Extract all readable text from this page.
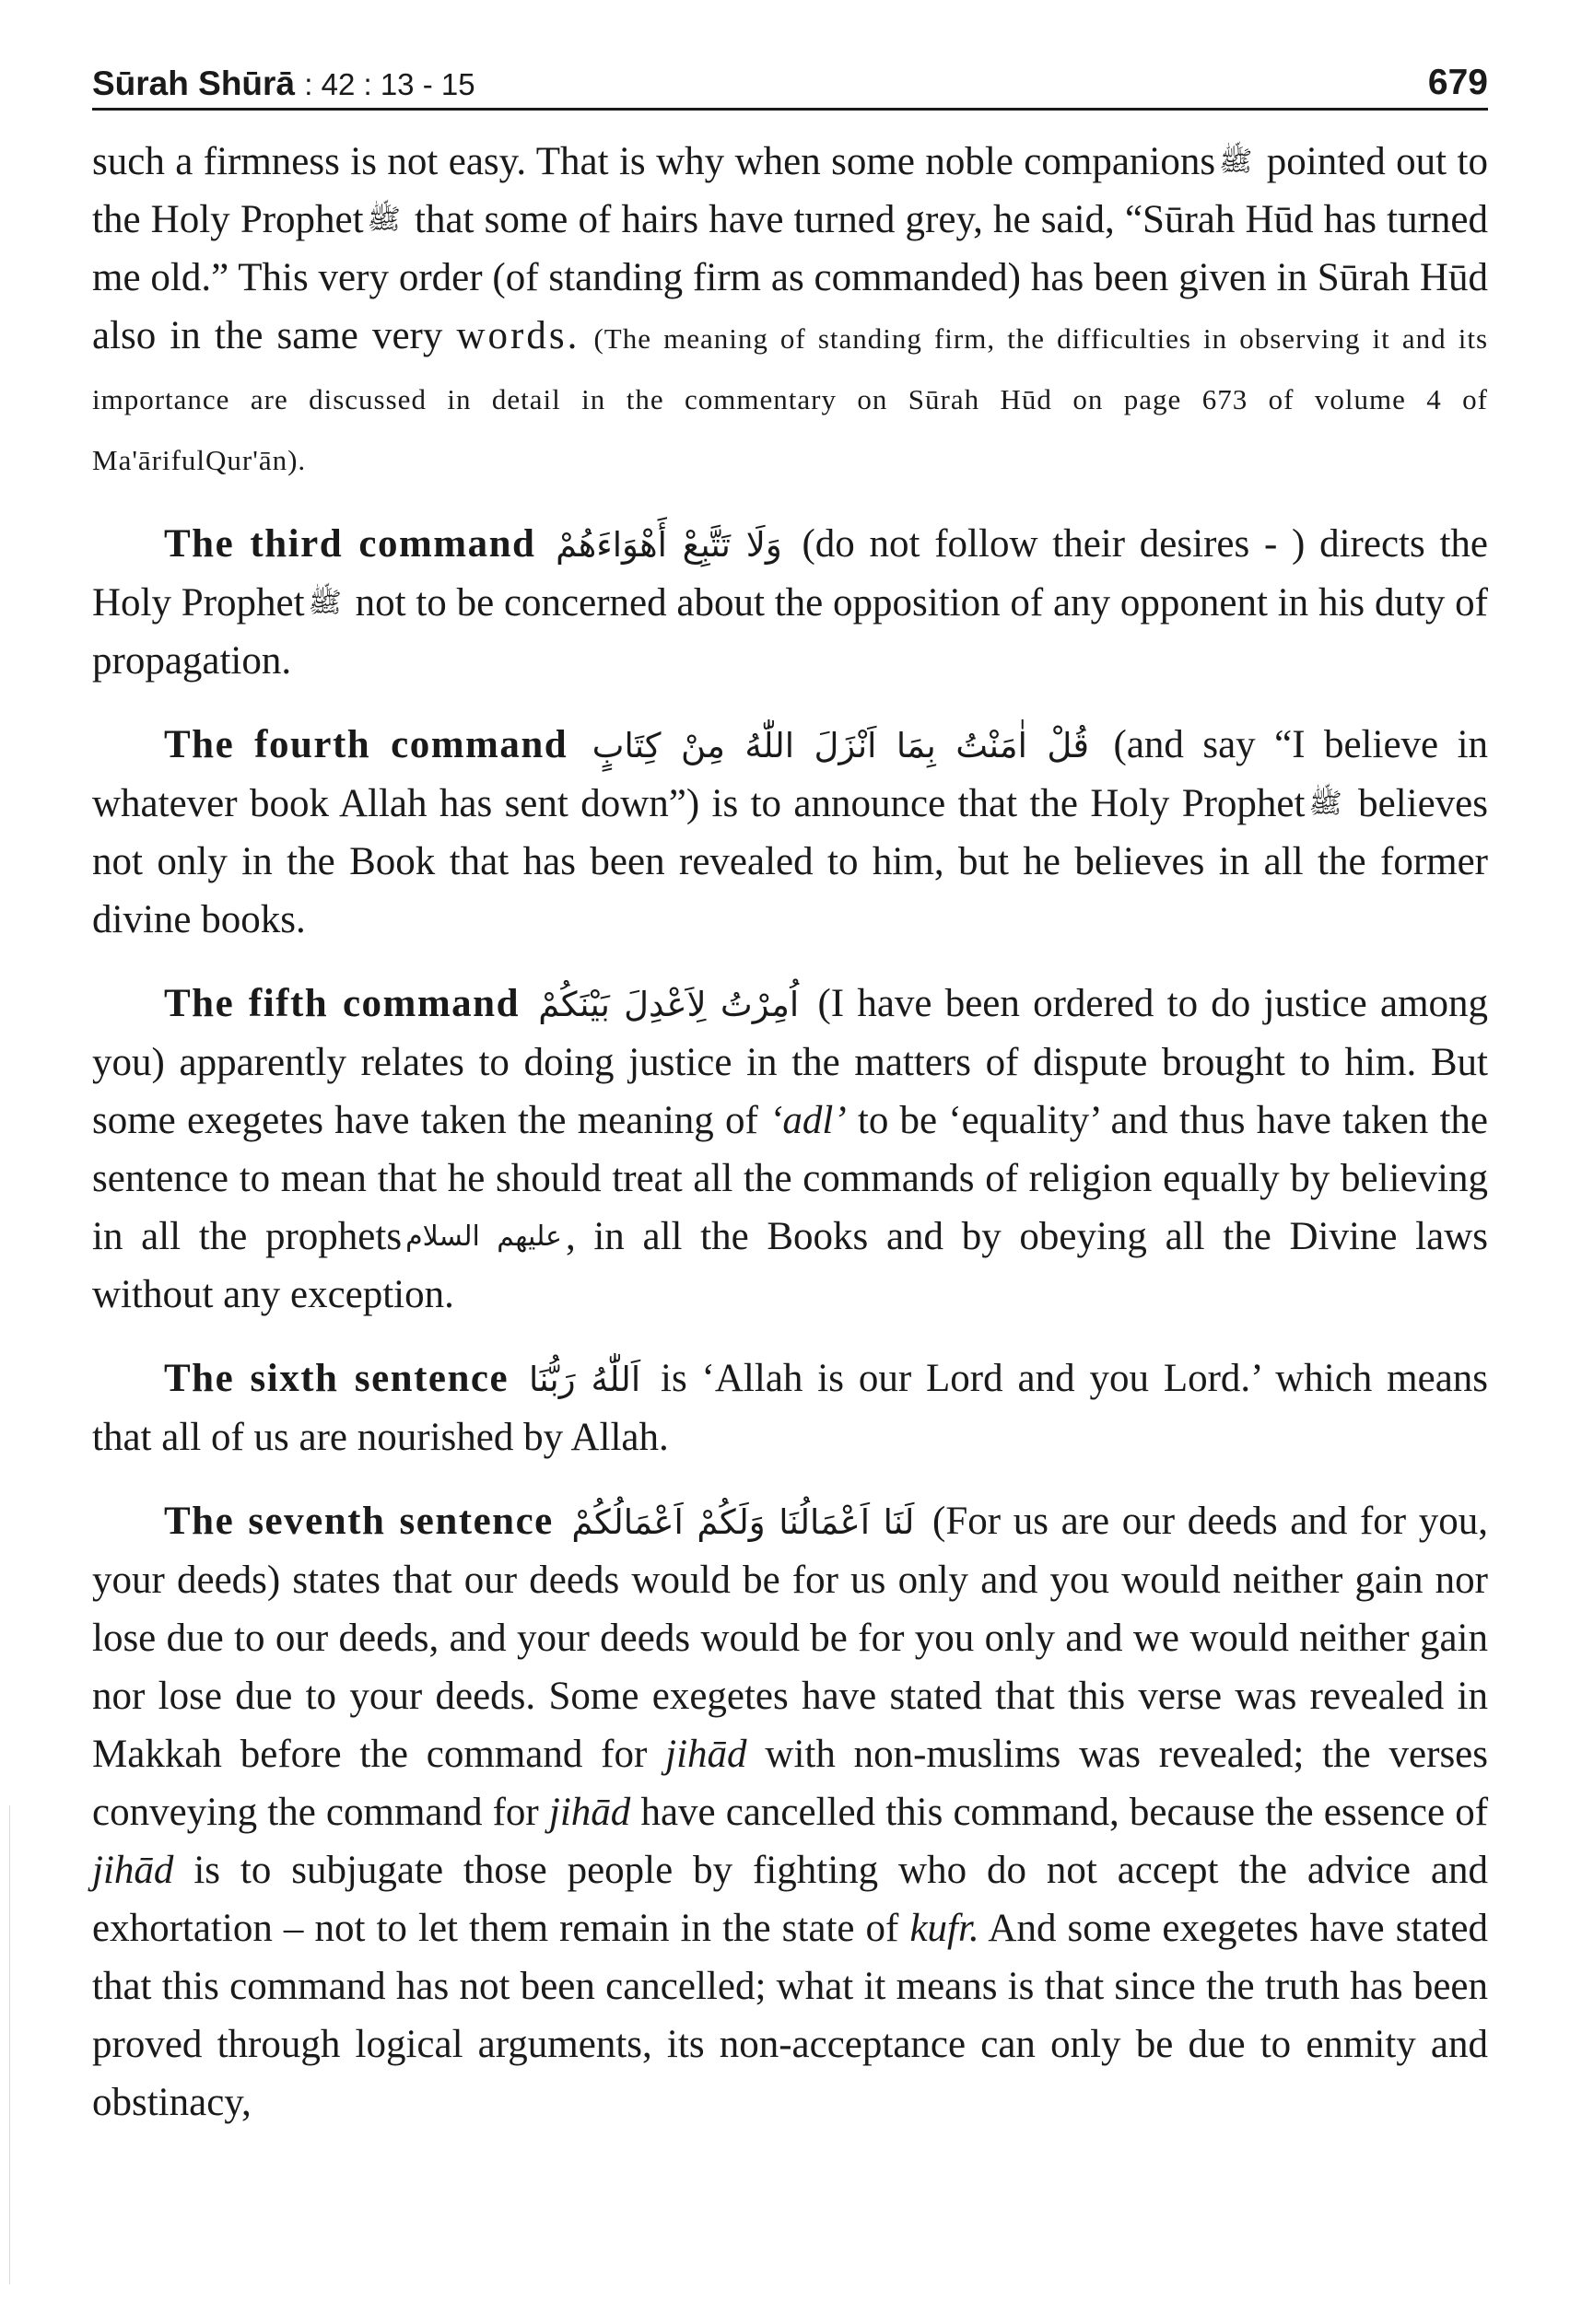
Sūrah Shūrā : 42 : 13 - 15	679

such a firmness is not easy. That is why when some noble companions ﷺ pointed out to the Holy Prophet ﷺ that some of hairs have turned grey, he said, “Sūrah Hūd has turned me old.” This very order (of standing firm as commanded) has been given in Sūrah Hūd also in the same very words. (The meaning of standing firm, the difficulties in observing it and its importance are discussed in detail in the commentary on Sūrah Hūd on page 673 of volume 4 of Ma'ārifulQur'ān).

The third command وَلَا تَتَّبِعْ أَهْوَاءَهُمْ (do not follow their desires - ) directs the Holy Prophet ﷺ not to be concerned about the opposition of any opponent in his duty of propagation.

The fourth command قُلْ اٰمَنْتُ بِمَا اَنْزَلَ اللّٰهُ مِنْ كِتَابٍ (and say “I believe in whatever book Allah has sent down”) is to announce that the Holy Prophet ﷺ believes not only in the Book that has been revealed to him, but he believes in all the former divine books.

The fifth command اُمِرْتُ لِاَعْدِلَ بَيْنَكُمْ (I have been ordered to do justice among you) apparently relates to doing justice in the matters of dispute brought to him. But some exegetes have taken the meaning of ‘adl’ to be ‘equality’ and thus have taken the sentence to mean that he should treat all the commands of religion equally by believing in all the prophets عليهم السلام, in all the Books and by obeying all the Divine laws without any exception.

The sixth sentence اَللّٰهُ رَبُّنَا is ‘Allah is our Lord and you Lord.’ which means that all of us are nourished by Allah.

The seventh sentence لَنَا اَعْمَالُنَا وَلَكُمْ اَعْمَالُكُمْ (For us are our deeds and for you, your deeds) states that our deeds would be for us only and you would neither gain nor lose due to our deeds, and your deeds would be for you only and we would neither gain nor lose due to your deeds. Some exegetes have stated that this verse was revealed in Makkah before the command for jihād with non-muslims was revealed; the verses conveying the command for jihād have cancelled this command, because the essence of jihād is to subjugate those people by fighting who do not accept the advice and exhortation – not to let them remain in the state of kufr. And some exegetes have stated that this command has not been cancelled; what it means is that since the truth has been proved through logical arguments, its non-acceptance can only be due to enmity and obstinacy,
